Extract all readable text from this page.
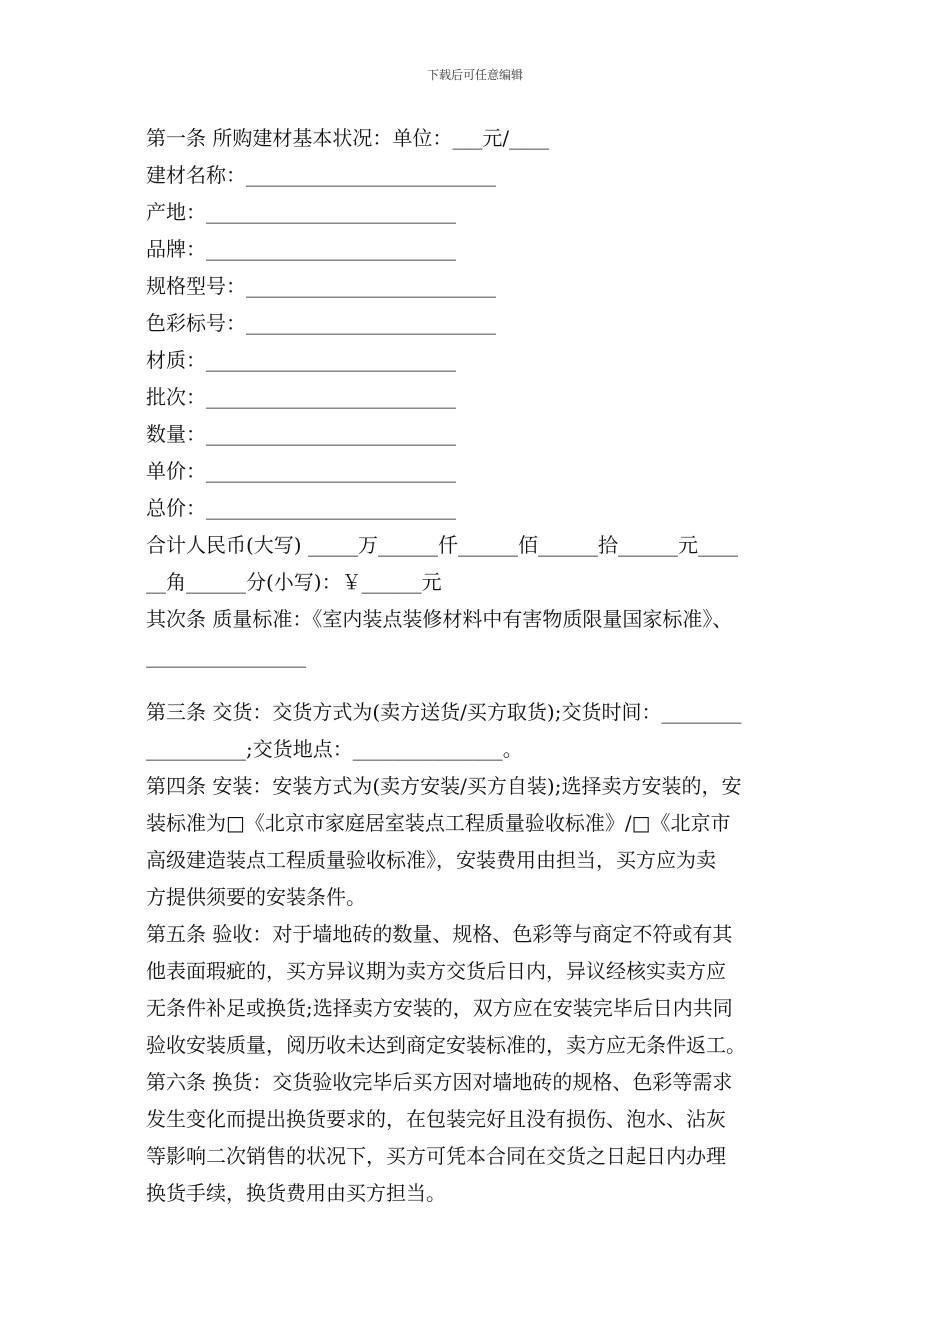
下载后可任意编辑
第一条 所购建材基本状况：单位：___元/____
建材名称：_________________________
产地：_________________________
品牌：_________________________
规格型号：_________________________
色彩标号：_________________________
材质：_________________________
批次：_________________________
数量：_________________________
单价：_________________________
总价：_________________________
合计人民币(大写) _____万______仟______佰______拾______元____
__角______分(小写)：￥______元
其次条 质量标准：《室内装点装修材料中有害物质限量国家标准》、
________________
第三条 交货：交货方式为(卖方送货/买方取货);交货时间：________
__________;交货地点：_______________。
第四条 安装：安装方式为(卖方安装/买方自装);选择卖方安装的，安
装标准为□《北京市家庭居室装点工程质量验收标准》/□《北京市
高级建造装点工程质量验收标准》，安装费用由担当，买方应为卖
方提供须要的安装条件。
第五条 验收：对于墙地砖的数量、规格、色彩等与商定不符或有其
他表面瑕疵的，买方异议期为卖方交货后日内，异议经核实卖方应
无条件补足或换货;选择卖方安装的，双方应在安装完毕后日内共同
验收安装质量，阅历收未达到商定安装标准的，卖方应无条件返工。
第六条 换货：交货验收完毕后买方因对墙地砖的规格、色彩等需求
发生变化而提出换货要求的，在包装完好且没有损伤、泡水、沾灰
等影响二次销售的状况下，买方可凭本合同在交货之日起日内办理
换货手续，换货费用由买方担当。
